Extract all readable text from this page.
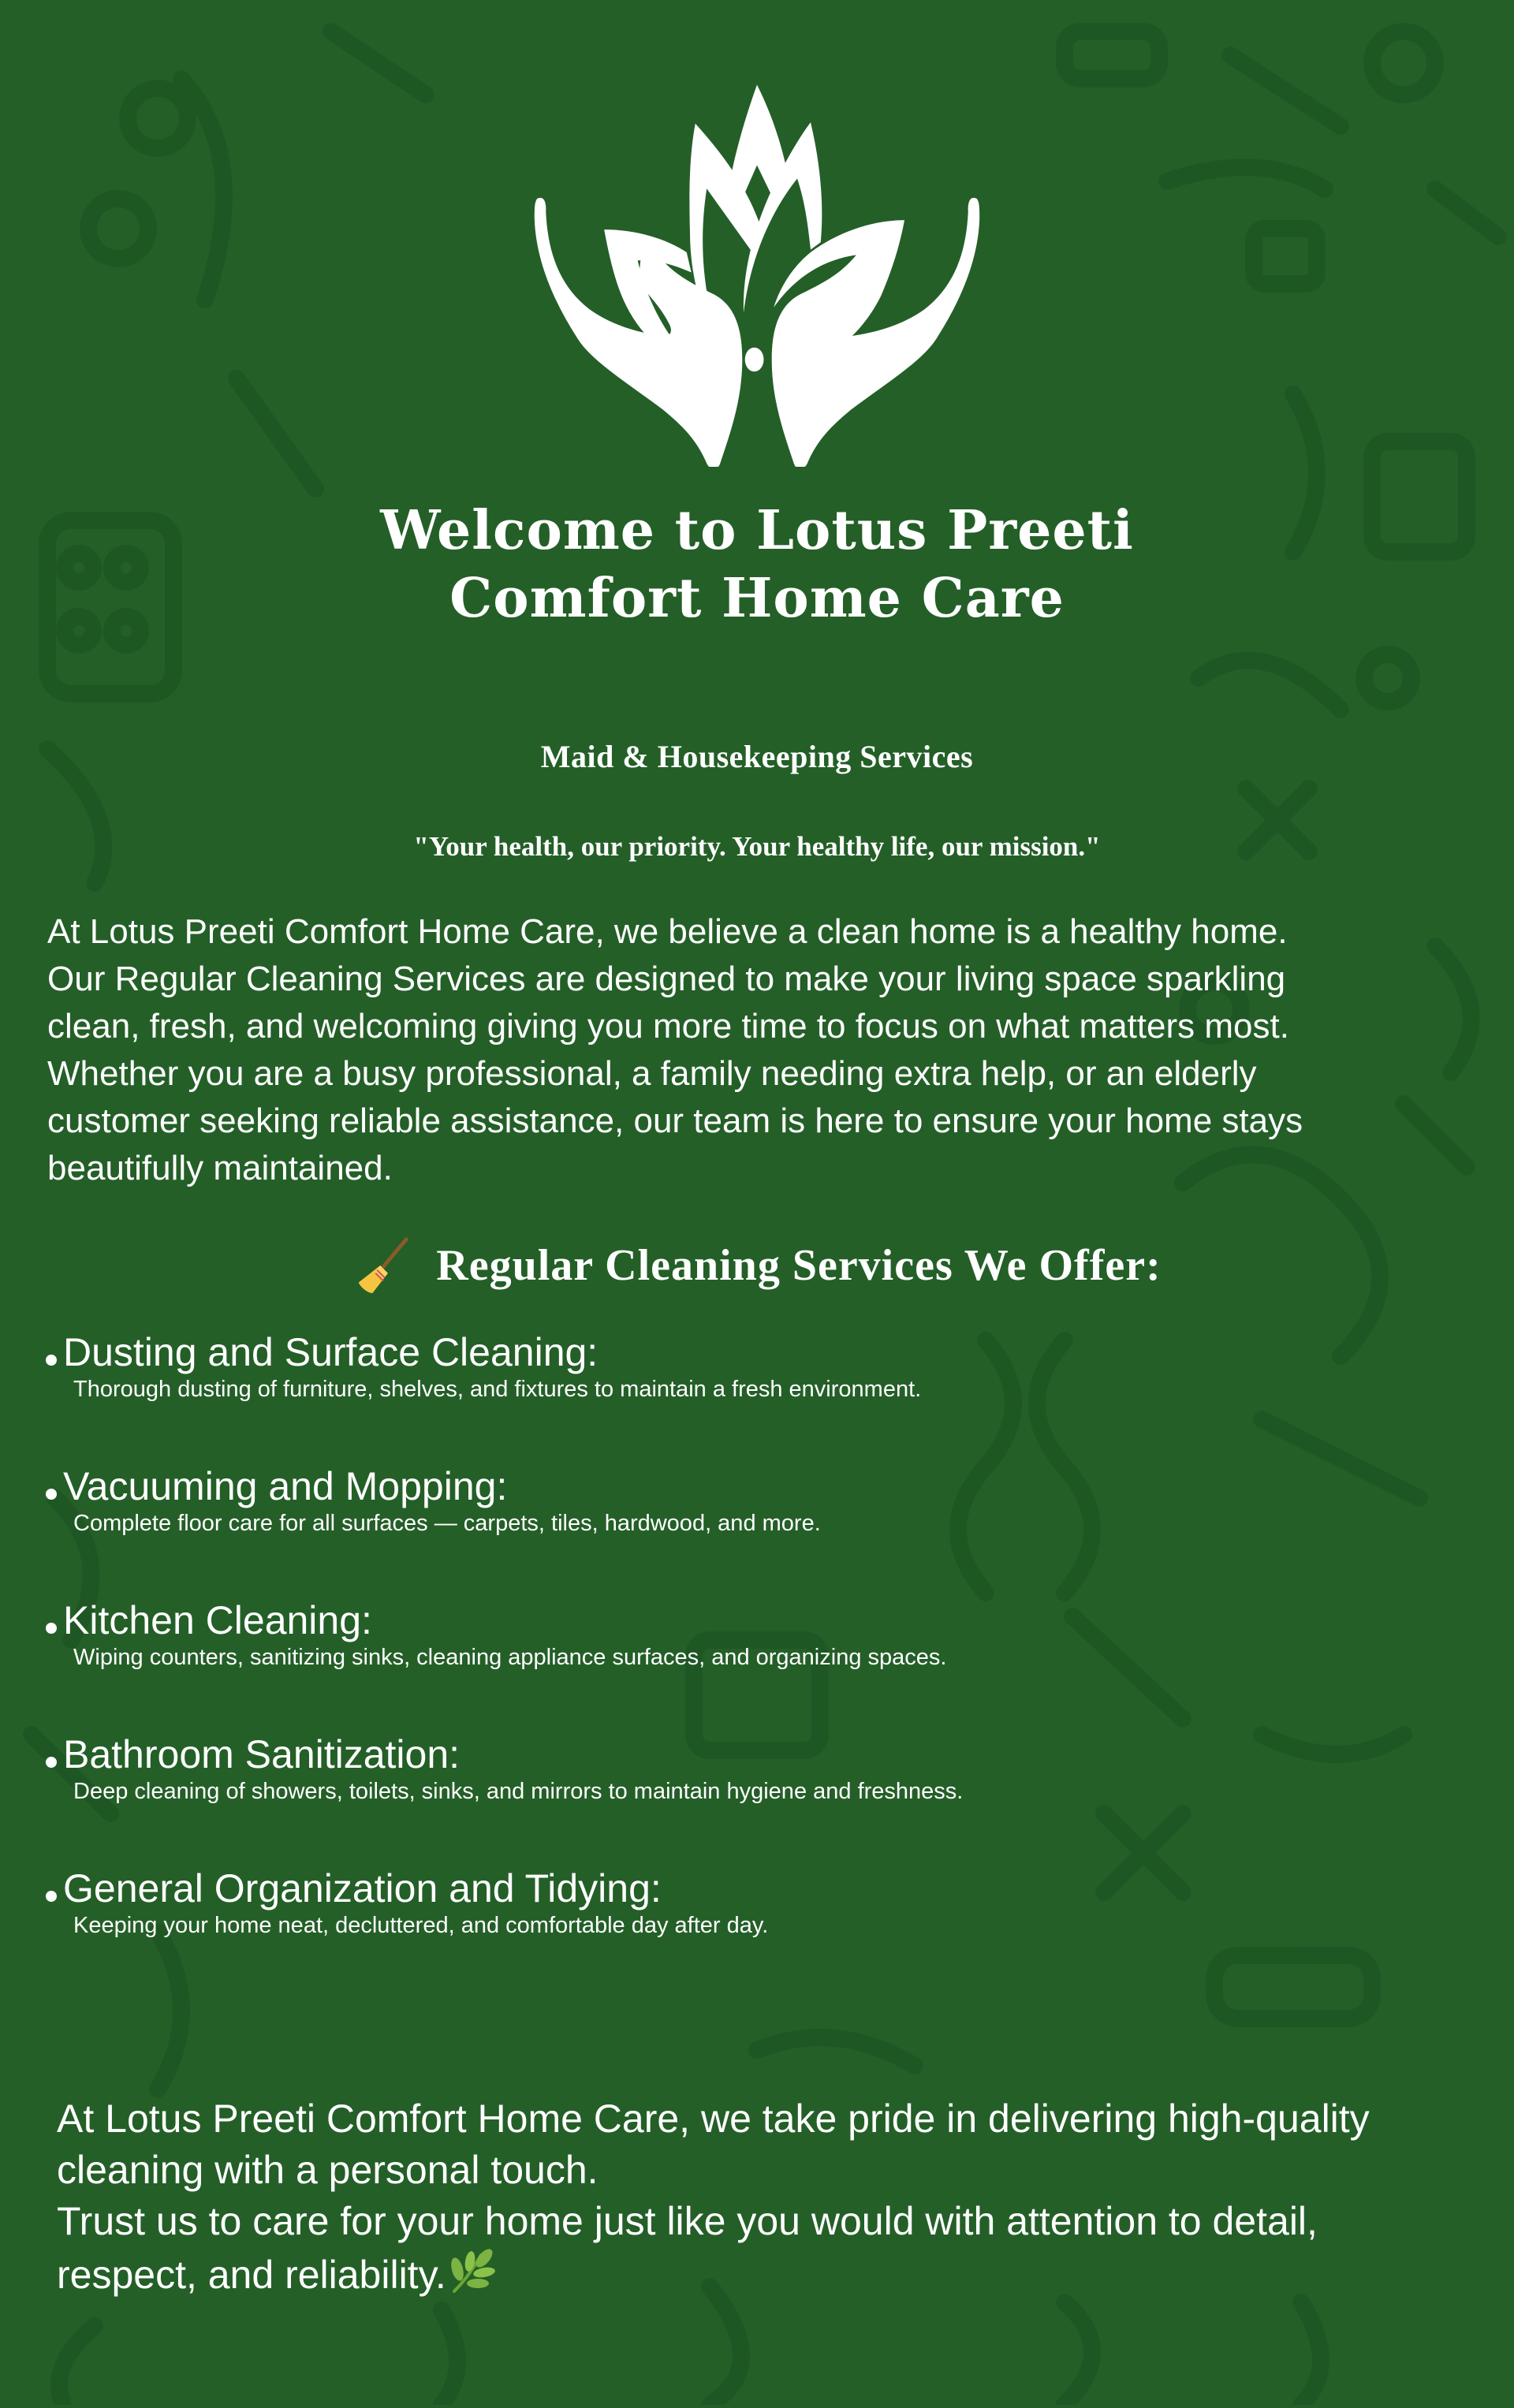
Welcome to Lotus Preeti
Comfort Home Care
Maid & Housekeeping Services
"Your health, our priority. Your healthy life, our mission."
At Lotus Preeti Comfort Home Care, we believe a clean home is a healthy home.
Our Regular Cleaning Services are designed to make your living space sparkling
clean, fresh, and welcoming giving you more time to focus on what matters most.
Whether you are a busy professional, a family needing extra help, or an elderly
customer seeking reliable assistance, our team is here to ensure your home stays
beautifully maintained.
Regular Cleaning Services We Offer:
Dusting and Surface Cleaning:
Thorough dusting of furniture, shelves, and fixtures to maintain a fresh environment.
Vacuuming and Mopping:
Complete floor care for all surfaces — carpets, tiles, hardwood, and more.
Kitchen Cleaning:
Wiping counters, sanitizing sinks, cleaning appliance surfaces, and organizing spaces.
Bathroom Sanitization:
Deep cleaning of showers, toilets, sinks, and mirrors to maintain hygiene and freshness.
General Organization and Tidying:
Keeping your home neat, decluttered, and comfortable day after day.
At Lotus Preeti Comfort Home Care, we take pride in delivering high-quality
cleaning with a personal touch.
Trust us to care for your home just like you would with attention to detail,
respect, and reliability.
